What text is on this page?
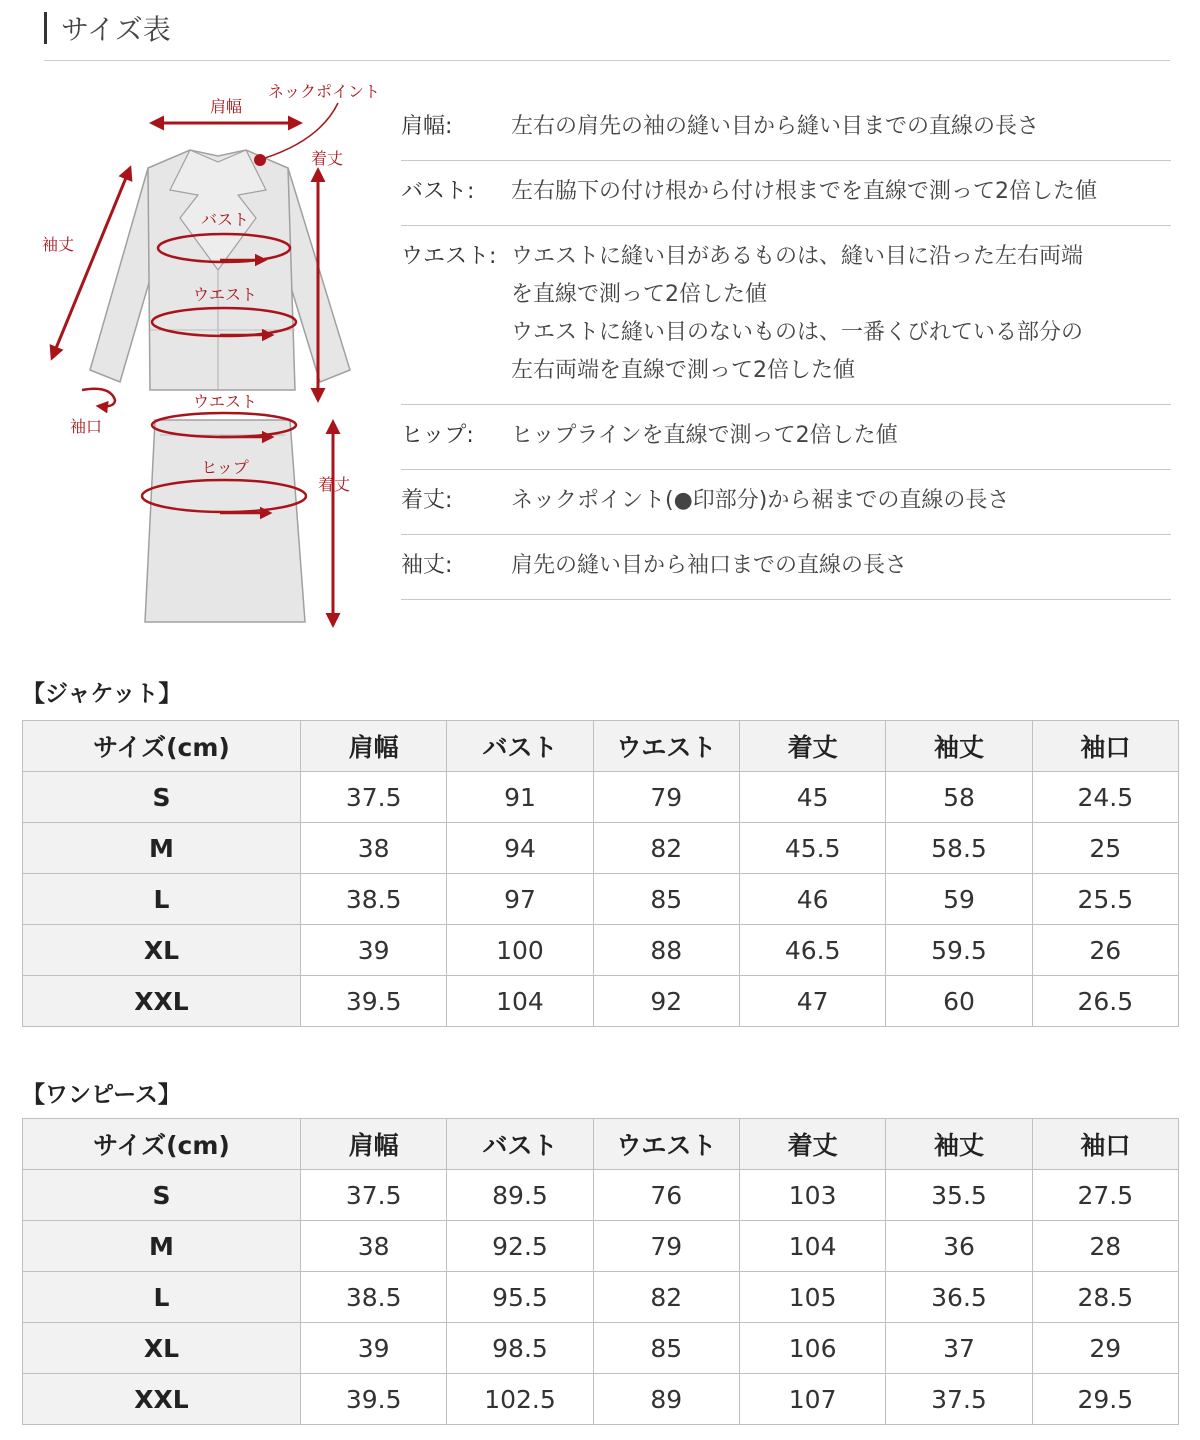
サイズ表
肩幅
ネックポイント
着丈
袖丈
バスト
ウエスト
袖口
ウエスト
ヒップ
着丈
肩幅:	左右の肩先の袖の縫い目から縫い目までの直線の長さ
バスト:	左右脇下の付け根から付け根までを直線で測って2倍した値
ウエスト: ウエストに縫い目があるものは、縫い目に沿った左右両端
を直線で測って2倍した値
ウエストに縫い目のないものは、一番くびれている部分の
左右両端を直線で測って2倍した値
ヒップ:	ヒップラインを直線で測って2倍した値
着丈:	ネックポイント(●印部分)から裾までの直線の長さ
袖丈:	肩先の縫い目から袖口までの直線の長さ
【ジャケット】
サイズ(cm)	肩幅	バスト	ウエスト	着丈	袖丈	袖口
S	37.5	91	79	45	58	24.5
M	38	94	82	45.5	58.5	25
L	38.5	97	85	46	59	25.5
XL	39	100	88	46.5	59.5	26
XXL	39.5	104	92	47	60	26.5
【ワンピース】
サイズ(cm)	肩幅	バスト	ウエスト	着丈	袖丈	袖口
S	37.5	89.5	76	103	35.5	27.5
M	38	92.5	79	104	36	28
L	38.5	95.5	82	105	36.5	28.5
XL	39	98.5	85	106	37	29
XXL	39.5	102.5	89	107	37.5	29.5
